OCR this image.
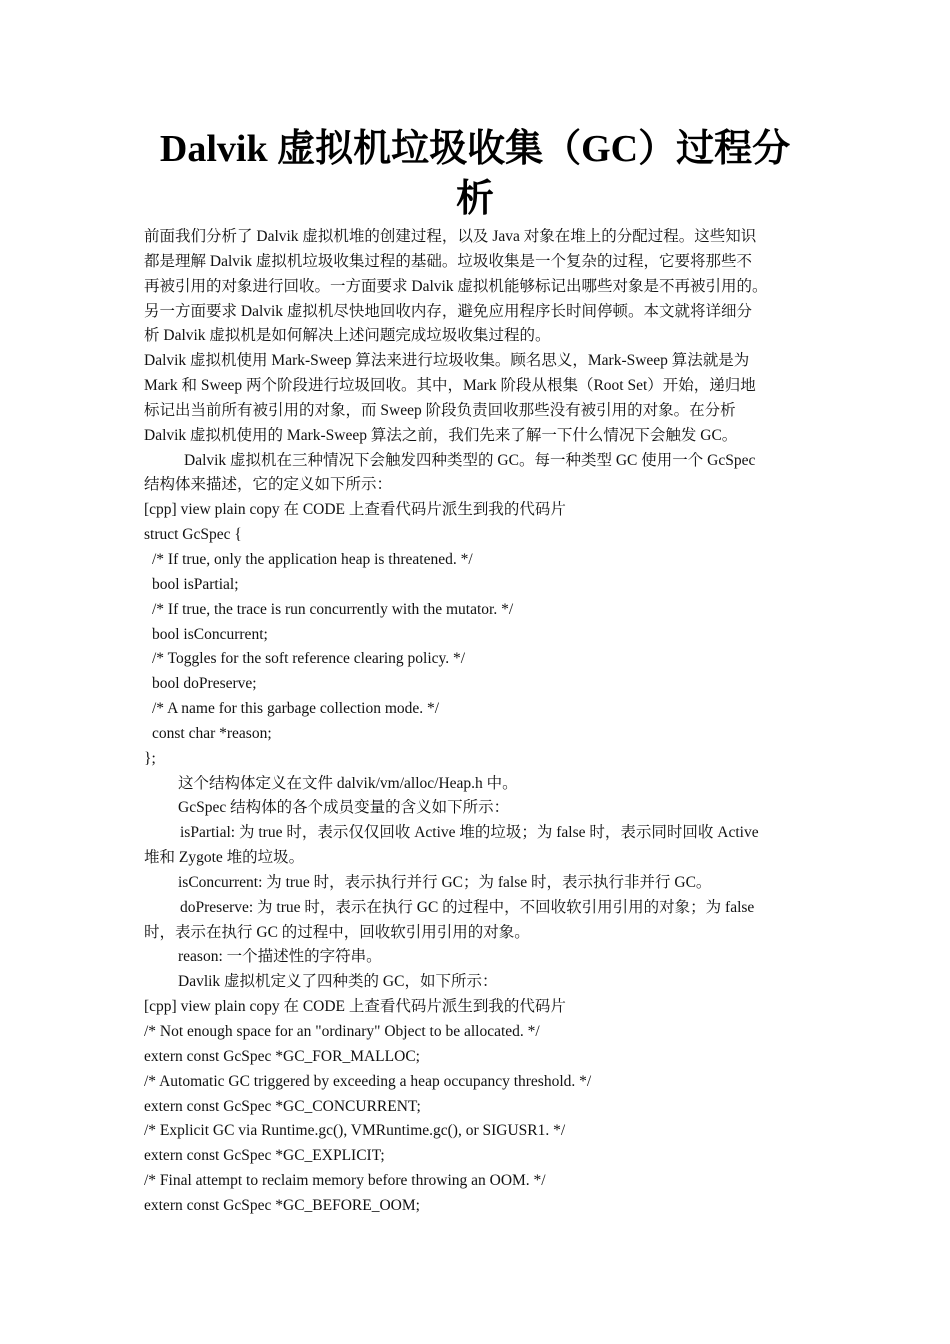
Dalvik 虚拟机垃圾收集（GC）过程分
析

前面我们分析了 Dalvik 虚拟机堆的创建过程，以及 Java 对象在堆上的分配过程。这些知识

都是理解 Dalvik 虚拟机垃圾收集过程的基础。垃圾收集是一个复杂的过程，它要将那些不

再被引用的对象进行回收。一方面要求 Dalvik 虚拟机能够标记出哪些对象是不再被引用的。

另一方面要求 Dalvik 虚拟机尽快地回收内存，避免应用程序长时间停顿。本文就将详细分

析 Dalvik 虚拟机是如何解决上述问题完成垃圾收集过程的。

Dalvik 虚拟机使用 Mark-Sweep 算法来进行垃圾收集。顾名思义，Mark-Sweep 算法就是为

Mark 和 Sweep 两个阶段进行垃圾回收。其中，Mark 阶段从根集（Root Set）开始，递归地

标记出当前所有被引用的对象，而 Sweep 阶段负责回收那些没有被引用的对象。在分析

Dalvik 虚拟机使用的 Mark-Sweep 算法之前，我们先来了解一下什么情况下会触发 GC。

Dalvik 虚拟机在三种情况下会触发四种类型的 GC。每一种类型 GC 使用一个 GcSpec

结构体来描述，它的定义如下所示：

[cpp] view plain copy 在 CODE 上查看代码片派生到我的代码片

struct GcSpec {

/* If true, only the application heap is threatened. */

bool isPartial;

/* If true, the trace is run concurrently with the mutator. */

bool isConcurrent;

/* Toggles for the soft reference clearing policy. */

bool doPreserve;

/* A name for this garbage collection mode. */

const char *reason;

};

这个结构体定义在文件 dalvik/vm/alloc/Heap.h 中。

GcSpec 结构体的各个成员变量的含义如下所示：

isPartial: 为 true 时，表示仅仅回收 Active 堆的垃圾；为 false 时，表示同时回收 Active

堆和 Zygote 堆的垃圾。

isConcurrent: 为 true 时，表示执行并行 GC；为 false 时，表示执行非并行 GC。

doPreserve: 为 true 时，表示在执行 GC 的过程中，不回收软引用引用的对象；为 false

时，表示在执行 GC 的过程中，回收软引用引用的对象。

reason: 一个描述性的字符串。

Davlik 虚拟机定义了四种类的 GC，如下所示：

[cpp] view plain copy 在 CODE 上查看代码片派生到我的代码片

/* Not enough space for an "ordinary" Object to be allocated. */

extern const GcSpec *GC_FOR_MALLOC;

/* Automatic GC triggered by exceeding a heap occupancy threshold. */

extern const GcSpec *GC_CONCURRENT;

/* Explicit GC via Runtime.gc(), VMRuntime.gc(), or SIGUSR1. */

extern const GcSpec *GC_EXPLICIT;

/* Final attempt to reclaim memory before throwing an OOM. */

extern const GcSpec *GC_BEFORE_OOM;
